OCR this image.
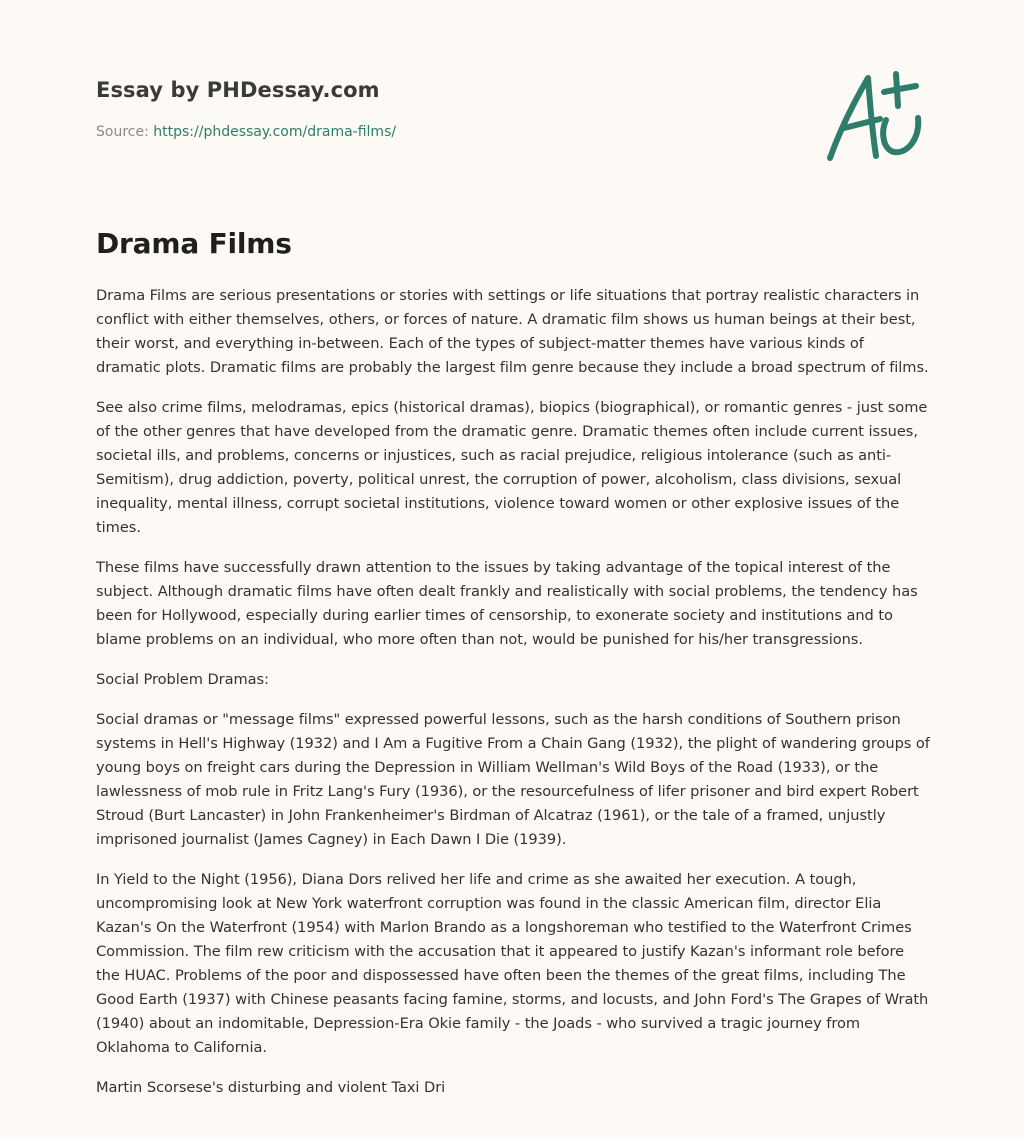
Essay by PHDessay.com
Source: https://phdessay.com/drama-films/
Drama Films

Drama Films are serious presentations or stories with settings or life situations that portray realistic characters in conflict with either themselves, others, or forces of nature. A dramatic film shows us human beings at their best, their worst, and everything in-between. Each of the types of subject-matter themes have various kinds of dramatic plots. Dramatic films are probably the largest film genre because they include a broad spectrum of films.

See also crime films, melodramas, epics (historical dramas), biopics (biographical), or romantic genres - just some of the other genres that have developed from the dramatic genre. Dramatic themes often include current issues, societal ills, and problems, concerns or injustices, such as racial prejudice, religious intolerance (such as anti-Semitism), drug addiction, poverty, political unrest, the corruption of power, alcoholism, class divisions, sexual inequality, mental illness, corrupt societal institutions, violence toward women or other explosive issues of the times.

These films have successfully drawn attention to the issues by taking advantage of the topical interest of the subject. Although dramatic films have often dealt frankly and realistically with social problems, the tendency has been for Hollywood, especially during earlier times of censorship, to exonerate society and institutions and to blame problems on an individual, who more often than not, would be punished for his/her transgressions.

Social Problem Dramas:

Social dramas or "message films" expressed powerful lessons, such as the harsh conditions of Southern prison systems in Hell's Highway (1932) and I Am a Fugitive From a Chain Gang (1932), the plight of wandering groups of young boys on freight cars during the Depression in William Wellman's Wild Boys of the Road (1933), or the lawlessness of mob rule in Fritz Lang's Fury (1936), or the resourcefulness of lifer prisoner and bird expert Robert Stroud (Burt Lancaster) in John Frankenheimer's Birdman of Alcatraz (1961), or the tale of a framed, unjustly imprisoned journalist (James Cagney) in Each Dawn I Die (1939).

In Yield to the Night (1956), Diana Dors relived her life and crime as she awaited her execution. A tough, uncompromising look at New York waterfront corruption was found in the classic American film, director Elia Kazan's On the Waterfront (1954) with Marlon Brando as a longshoreman who testified to the Waterfront Crimes Commission. The film rew criticism with the accusation that it appeared to justify Kazan's informant role before the HUAC. Problems of the poor and dispossessed have often been the themes of the great films, including The Good Earth (1937) with Chinese peasants facing famine, storms, and locusts, and John Ford's The Grapes of Wrath (1940) about an indomitable, Depression-Era Okie family - the Joads - who survived a tragic journey from Oklahoma to California.

Martin Scorsese's disturbing and violent Taxi Dri
